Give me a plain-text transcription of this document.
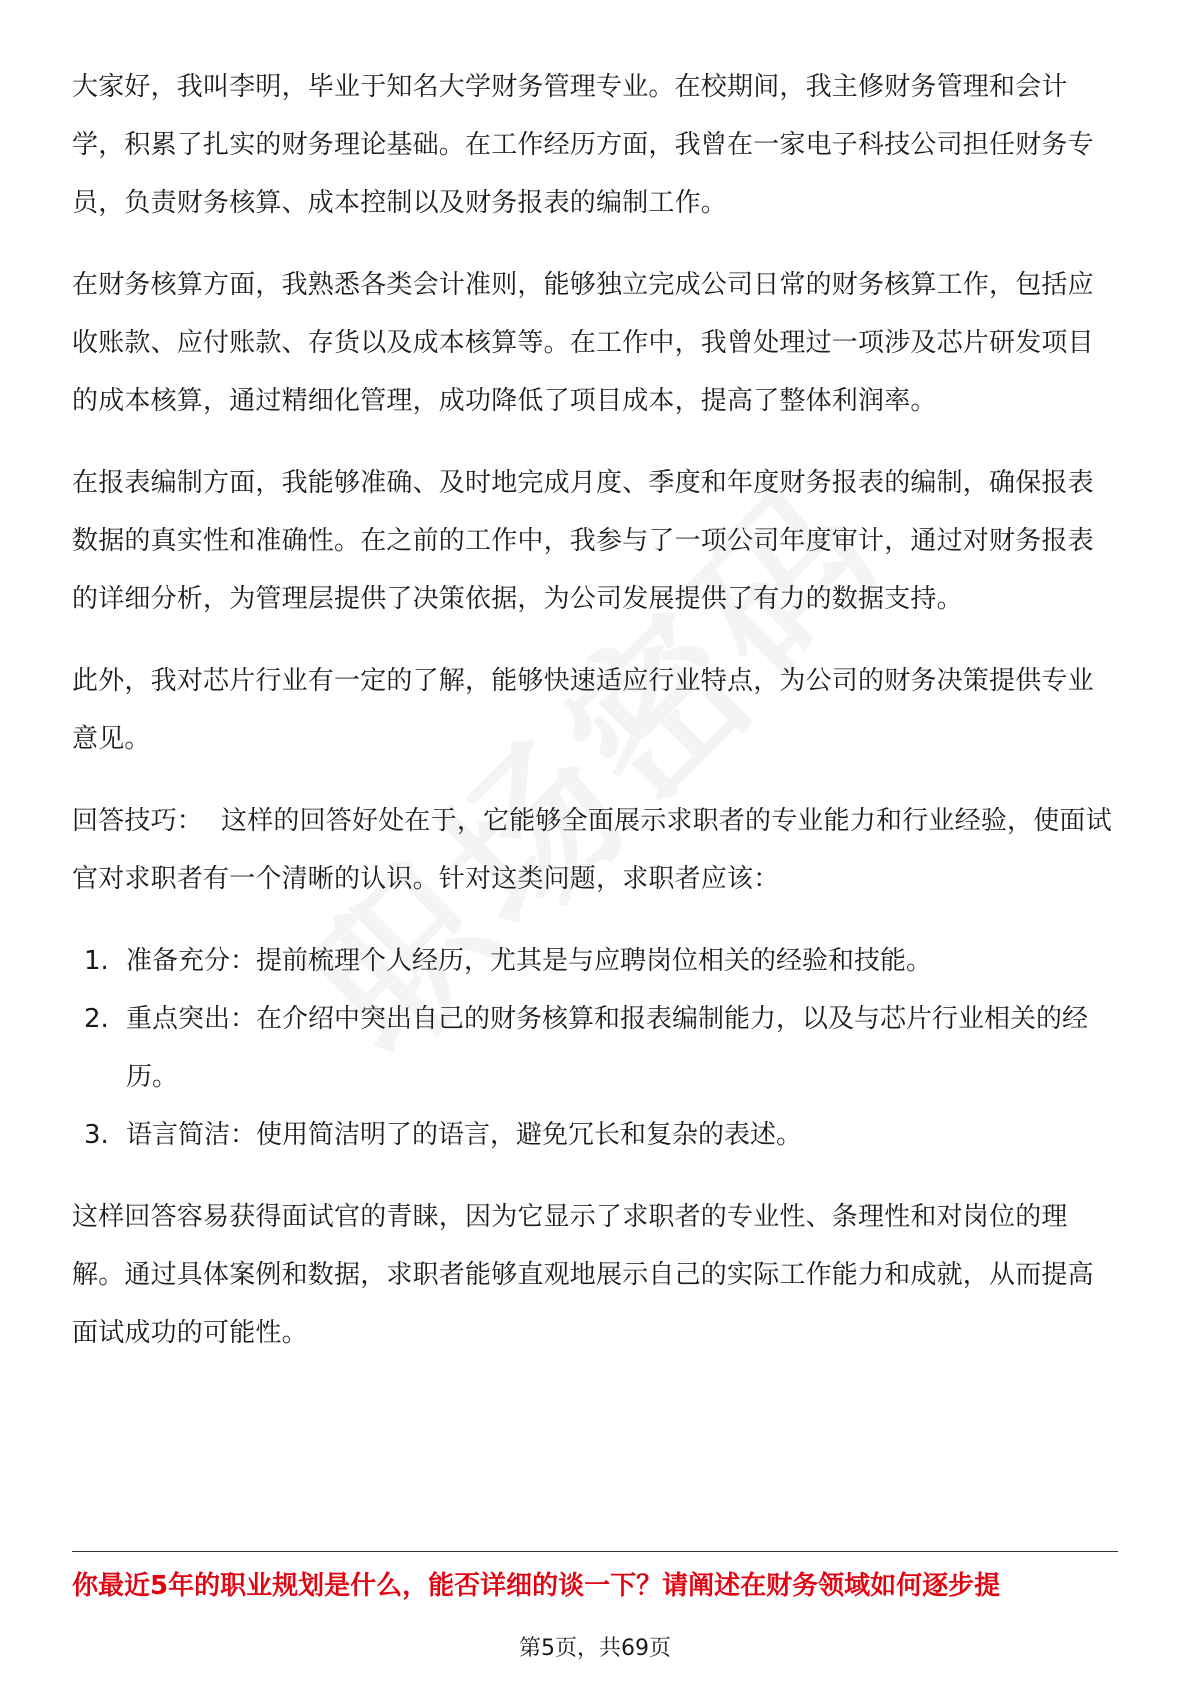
大家好，我叫李明，毕业于知名大学财务管理专业。在校期间，我主修财务管理和会计学，积累了扎实的财务理论基础。在工作经历方面，我曾在一家电子科技公司担任财务专员，负责财务核算、成本控制以及财务报表的编制工作。

在财务核算方面，我熟悉各类会计准则，能够独立完成公司日常的财务核算工作，包括应收账款、应付账款、存货以及成本核算等。在工作中，我曾处理过一项涉及芯片研发项目的成本核算，通过精细化管理，成功降低了项目成本，提高了整体利润率。

在报表编制方面，我能够准确、及时地完成月度、季度和年度财务报表的编制，确保报表数据的真实性和准确性。在之前的工作中，我参与了一项公司年度审计，通过对财务报表的详细分析，为管理层提供了决策依据，为公司发展提供了有力的数据支持。

此外，我对芯片行业有一定的了解，能够快速适应行业特点，为公司的财务决策提供专业意见。

回答技巧： 这样的回答好处在于，它能够全面展示求职者的专业能力和行业经验，使面试官对求职者有一个清晰的认识。针对这类问题，求职者应该：

1. 准备充分：提前梳理个人经历，尤其是与应聘岗位相关的经验和技能。
2. 重点突出：在介绍中突出自己的财务核算和报表编制能力，以及与芯片行业相关的经历。
3. 语言简洁：使用简洁明了的语言，避免冗长和复杂的表述。

这样回答容易获得面试官的青睐，因为它显示了求职者的专业性、条理性和对岗位的理解。通过具体案例和数据，求职者能够直观地展示自己的实际工作能力和成就，从而提高面试成功的可能性。

你最近5年的职业规划是什么，能否详细的谈一下？请阐述在财务领域如何逐步提
第5页，共69页
